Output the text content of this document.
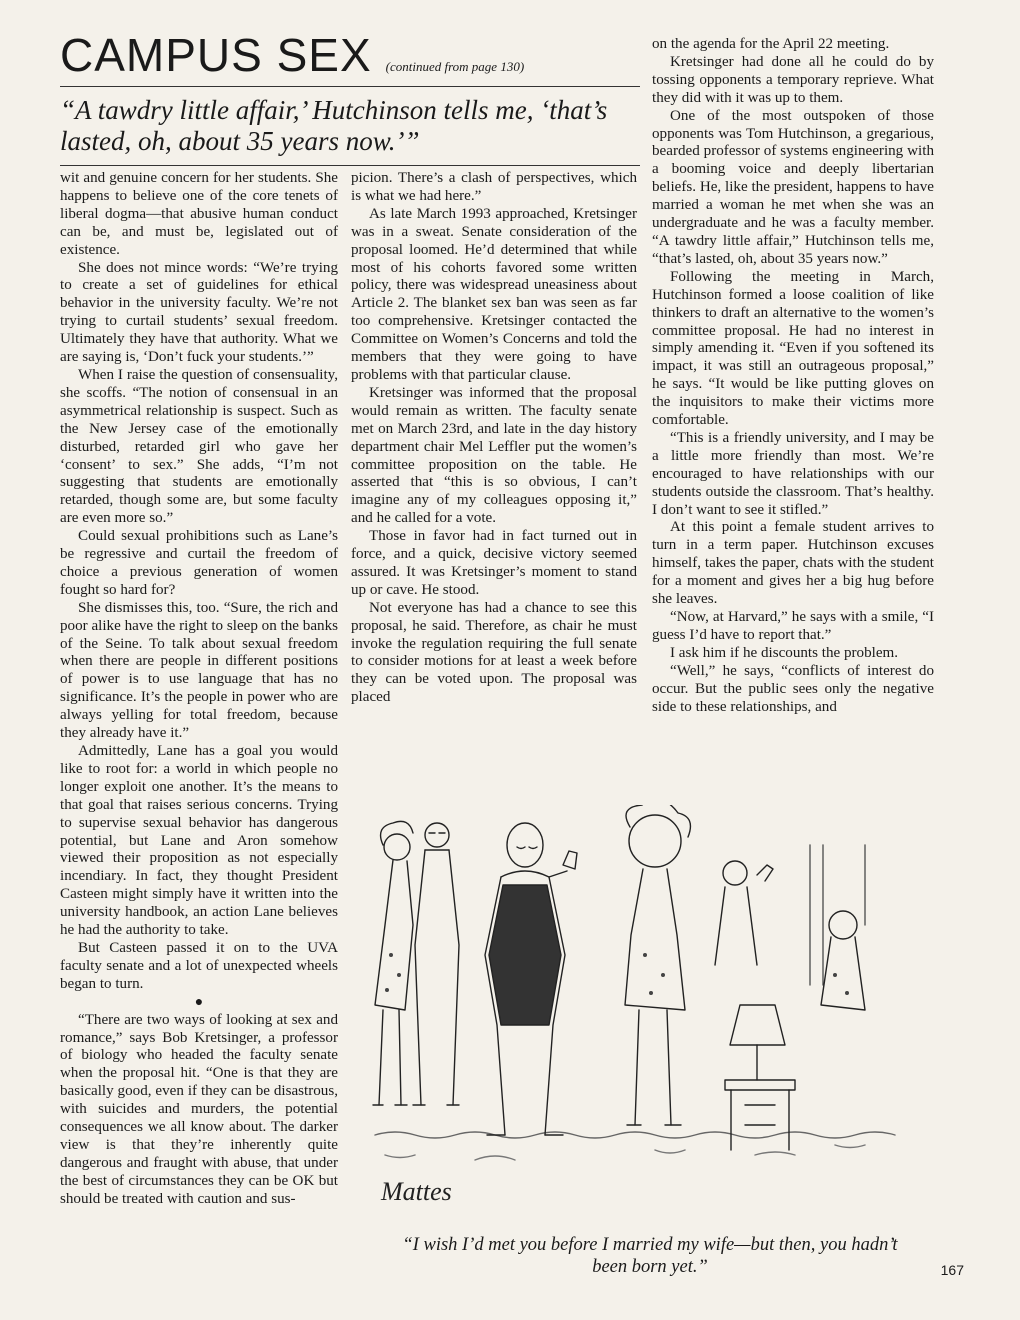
CAMPUS SEX (continued from page 130)
“A tawdry little affair,’ Hutchinson tells me, ‘that’s lasted, oh, about 35 years now.’”

wit and genuine concern for her students. She happens to believe one of the core tenets of liberal dogma—that abusive human conduct can be, and must be, legislated out of existence.

She does not mince words: “We’re trying to create a set of guidelines for ethical behavior in the university faculty. We’re not trying to curtail students’ sexual freedom. Ultimately they have that authority. What we are saying is, ‘Don’t fuck your students.’”

When I raise the question of consensuality, she scoffs. “The notion of consensual in an asymmetrical relationship is suspect. Such as the New Jersey case of the emotionally disturbed, retarded girl who gave her ‘consent’ to sex.” She adds, “I’m not suggesting that students are emotionally retarded, though some are, but some faculty are even more so.”

Could sexual prohibitions such as Lane’s be regressive and curtail the freedom of choice a previous generation of women fought so hard for?

She dismisses this, too. “Sure, the rich and poor alike have the right to sleep on the banks of the Seine. To talk about sexual freedom when there are people in different positions of power is to use language that has no significance. It’s the people in power who are always yelling for total freedom, because they already have it.”

Admittedly, Lane has a goal you would like to root for: a world in which people no longer exploit one another. It’s the means to that goal that raises serious concerns. Trying to supervise sexual behavior has dangerous potential, but Lane and Aron somehow viewed their proposition as not especially incendiary. In fact, they thought President Casteen might simply have it written into the university handbook, an action Lane believes he had the authority to take.

But Casteen passed it on to the UVA faculty senate and a lot of unexpected wheels began to turn.

●

“There are two ways of looking at sex and romance,” says Bob Kretsinger, a professor of biology who headed the faculty senate when the proposal hit. “One is that they are basically good, even if they can be disastrous, with suicides and murders, the potential consequences we all know about. The darker view is that they’re inherently quite dangerous and fraught with abuse, that under the best of circumstances they can be OK but should be treated with caution and sus-

picion. There’s a clash of perspectives, which is what we had here.”

As late March 1993 approached, Kretsinger was in a sweat. Senate consideration of the proposal loomed. He’d determined that while most of his cohorts favored some written policy, there was widespread uneasiness about Article 2. The blanket sex ban was seen as far too comprehensive. Kretsinger contacted the Committee on Women’s Concerns and told the members that they were going to have problems with that particular clause.

Kretsinger was informed that the proposal would remain as written. The faculty senate met on March 23rd, and late in the day history department chair Mel Leffler put the women’s committee proposition on the table. He asserted that “this is so obvious, I can’t imagine any of my colleagues opposing it,” and he called for a vote.

Those in favor had in fact turned out in force, and a quick, decisive victory seemed assured. It was Kretsinger’s moment to stand up or cave. He stood.

Not everyone has had a chance to see this proposal, he said. Therefore, as chair he must invoke the regulation requiring the full senate to consider motions for at least a week before they can be voted upon. The proposal was placed

on the agenda for the April 22 meeting.

Kretsinger had done all he could do by tossing opponents a temporary reprieve. What they did with it was up to them.

One of the most outspoken of those opponents was Tom Hutchinson, a gregarious, bearded professor of systems engineering with a booming voice and deeply libertarian beliefs. He, like the president, happens to have married a woman he met when she was an undergraduate and he was a faculty member. “A tawdry little affair,” Hutchinson tells me, “that’s lasted, oh, about 35 years now.”

Following the meeting in March, Hutchinson formed a loose coalition of like thinkers to draft an alternative to the women’s committee proposal. He had no interest in simply amending it. “Even if you softened its impact, it was still an outrageous proposal,” he says. “It would be like putting gloves on the inquisitors to make their victims more comfortable.

“This is a friendly university, and I may be a little more friendly than most. We’re encouraged to have relationships with our students outside the classroom. That’s healthy. I don’t want to see it stifled.”

At this point a female student arrives to turn in a term paper. Hutchinson excuses himself, takes the paper, chats with the student for a moment and gives her a big hug before she leaves.

“Now, at Harvard,” he says with a smile, “I guess I’d have to report that.”

I ask him if he discounts the problem.

“Well,” he says, “conflicts of interest do occur. But the public sees only the negative side to these relationships, and

Mattes
“I wish I’d met you before I married my wife—but then, you hadn’t been born yet.”	167
